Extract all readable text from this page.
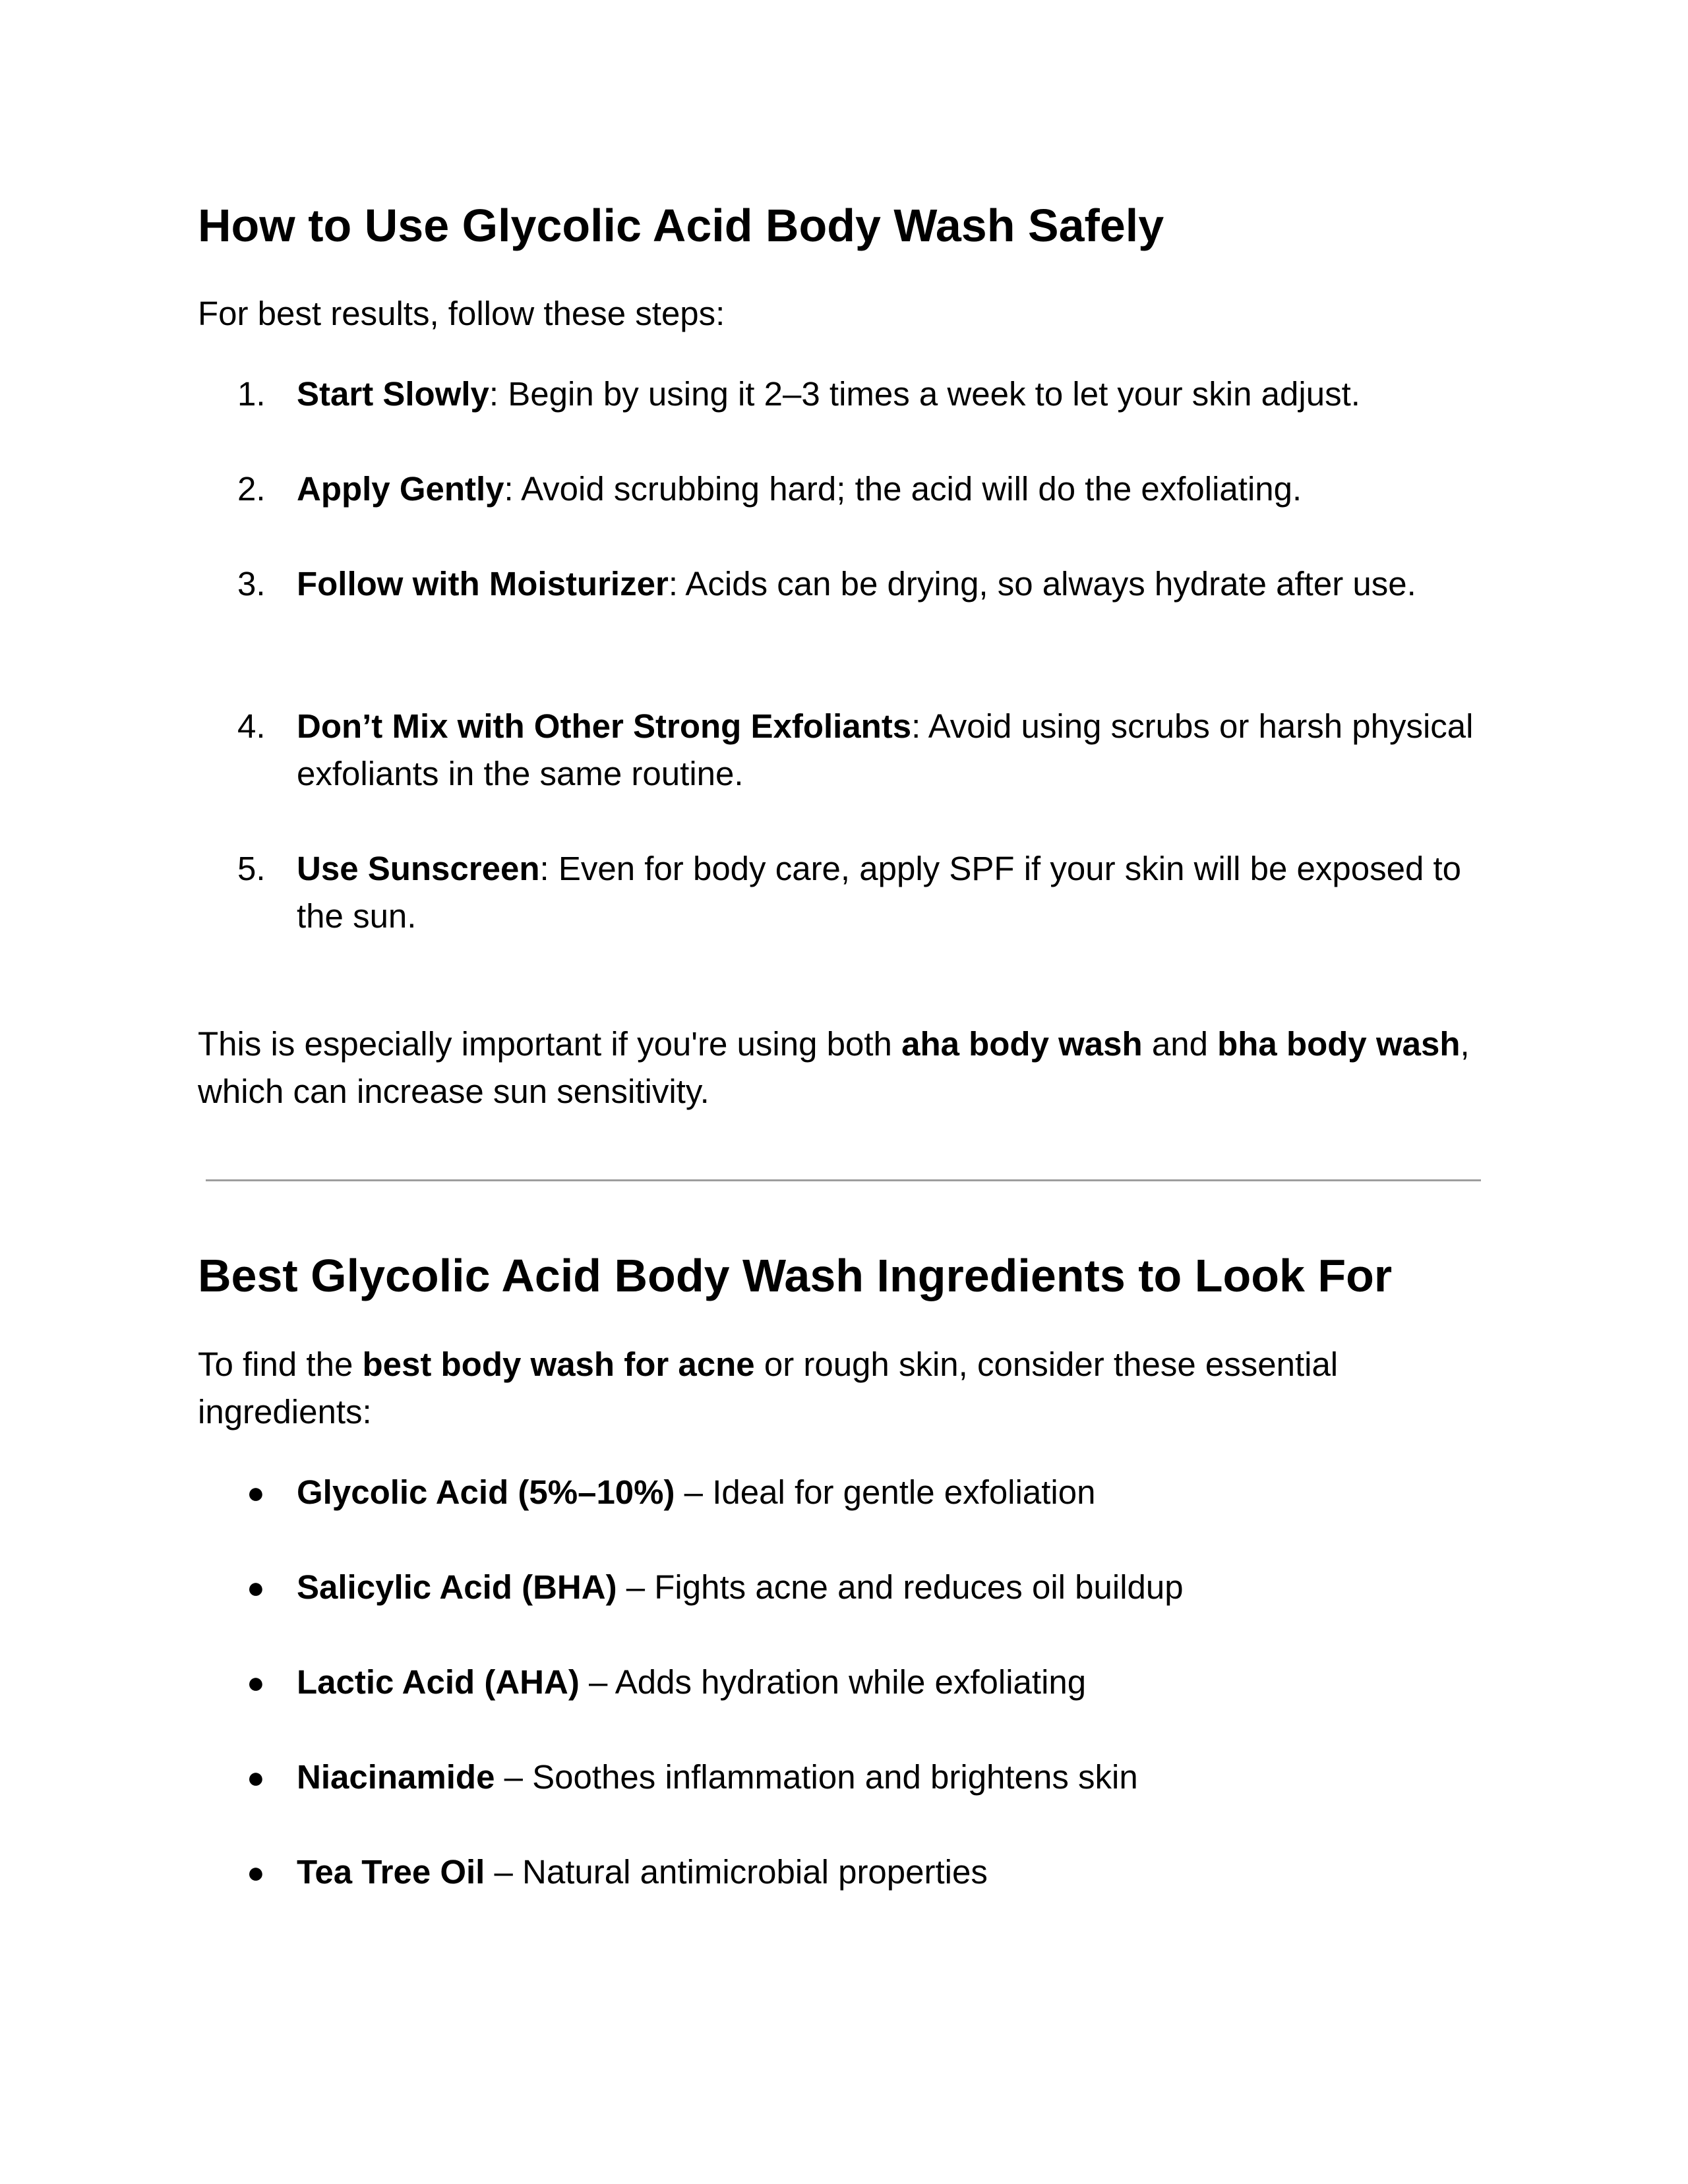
How to Use Glycolic Acid Body Wash Safely

For best results, follow these steps:

1. Start Slowly: Begin by using it 2–3 times a week to let your skin adjust.
2. Apply Gently: Avoid scrubbing hard; the acid will do the exfoliating.
3. Follow with Moisturizer: Acids can be drying, so always hydrate after use.
4. Don’t Mix with Other Strong Exfoliants: Avoid using scrubs or harsh physical exfoliants in the same routine.
5. Use Sunscreen: Even for body care, apply SPF if your skin will be exposed to the sun.

This is especially important if you're using both aha body wash and bha body wash, which can increase sun sensitivity.

Best Glycolic Acid Body Wash Ingredients to Look For

To find the best body wash for acne or rough skin, consider these essential ingredients:

● Glycolic Acid (5%–10%) – Ideal for gentle exfoliation
● Salicylic Acid (BHA) – Fights acne and reduces oil buildup
● Lactic Acid (AHA) – Adds hydration while exfoliating
● Niacinamide – Soothes inflammation and brightens skin
● Tea Tree Oil – Natural antimicrobial properties
